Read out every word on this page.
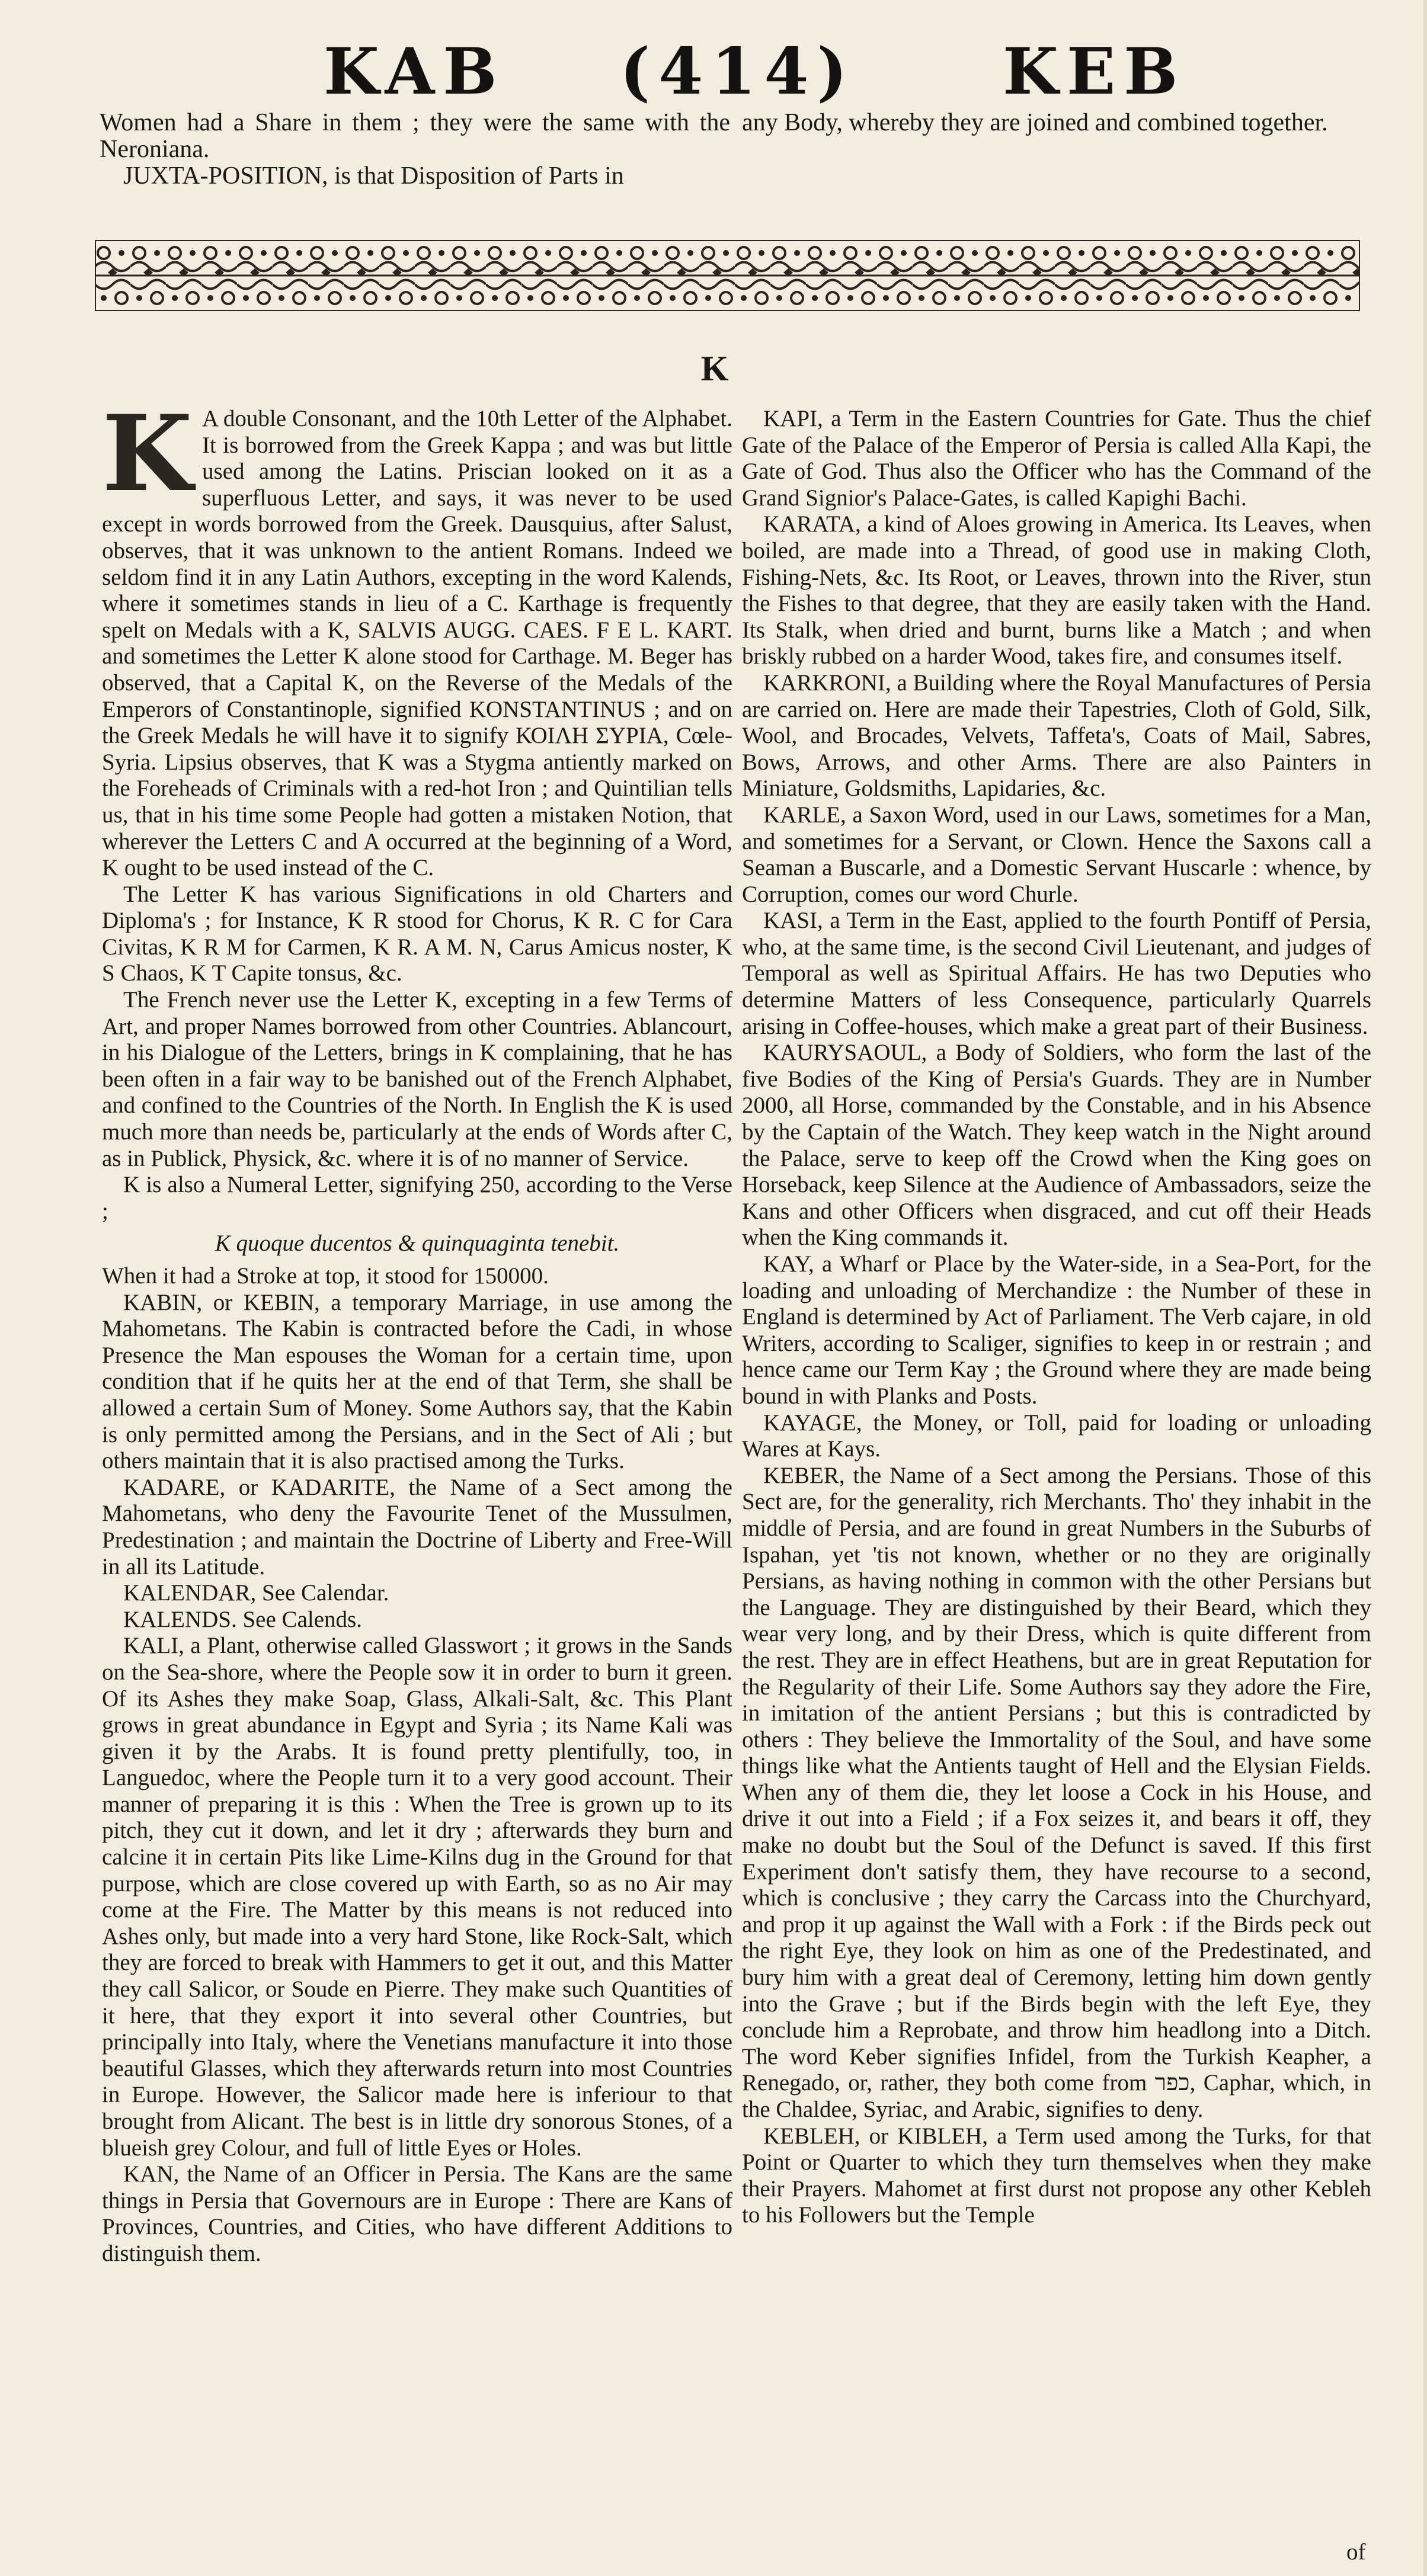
KAB (414) KEB

Women had a Share in them ; they were the same with the Neroniana.

JUXTA-POSITION, is that Disposition of Parts in

any Body, whereby they are joined and combined together.

K

K A double Consonant, and the 10th Letter of the Alphabet. It is borrowed from the Greek Kappa ; and was but little used among the Latins. Priscian looked on it as a superfluous Letter, and says, it was never to be used except in words borrowed from the Greek. Dausquius, after Salust, observes, that it was unknown to the antient Romans. Indeed we seldom find it in any Latin Authors, excepting in the word Kalends, where it sometimes stands in lieu of a C. Karthage is frequently spelt on Medals with a K, SALVIS AUGG. CAES. F E L. KART. and sometimes the Letter K alone stood for Carthage. M. Beger has observed, that a Capital K, on the Reverse of the Medals of the Emperors of Constantinople, signified KONSTANTINUS ; and on the Greek Medals he will have it to signify ΚΟΙΛΗ ΣΥΡΙΑ, Cœle-Syria. Lipsius observes, that K was a Stygma antiently marked on the Foreheads of Criminals with a red-hot Iron ; and Quintilian tells us, that in his time some People had gotten a mistaken Notion, that wherever the Letters C and A occurred at the beginning of a Word, K ought to be used instead of the C.

The Letter K has various Significations in old Charters and Diploma's ; for Instance, K R stood for Chorus, K R. C for Cara Civitas, K R M for Carmen, K R. A M. N, Carus Amicus noster, K S Chaos, K T Capite tonsus, &c.

The French never use the Letter K, excepting in a few Terms of Art, and proper Names borrowed from other Countries. Ablancourt, in his Dialogue of the Letters, brings in K complaining, that he has been often in a fair way to be banished out of the French Alphabet, and confined to the Countries of the North. In English the K is used much more than needs be, particularly at the ends of Words after C, as in Publick, Physick, &c. where it is of no manner of Service.

K is also a Numeral Letter, signifying 250, according to the Verse ;

K quoque ducentos & quinquaginta tenebit.

When it had a Stroke at top, it stood for 150000.

KABIN, or KEBIN, a temporary Marriage, in use among the Mahometans. The Kabin is contracted before the Cadi, in whose Presence the Man espouses the Woman for a certain time, upon condition that if he quits her at the end of that Term, she shall be allowed a certain Sum of Money. Some Authors say, that the Kabin is only permitted among the Persians, and in the Sect of Ali ; but others maintain that it is also practised among the Turks.

KADARE, or KADARITE, the Name of a Sect among the Mahometans, who deny the Favourite Tenet of the Mussulmen, Predestination ; and maintain the Doctrine of Liberty and Free-Will in all its Latitude.

KALENDAR, See Calendar.

KALENDS. See Calends.

KALI, a Plant, otherwise called Glasswort ; it grows in the Sands on the Sea-shore, where the People sow it in order to burn it green. Of its Ashes they make Soap, Glass, Alkali-Salt, &c. This Plant grows in great abundance in Egypt and Syria ; its Name Kali was given it by the Arabs. It is found pretty plentifully, too, in Languedoc, where the People turn it to a very good account. Their manner of preparing it is this : When the Tree is grown up to its pitch, they cut it down, and let it dry ; afterwards they burn and calcine it in certain Pits like Lime-Kilns dug in the Ground for that purpose, which are close covered up with Earth, so as no Air may come at the Fire. The Matter by this means is not reduced into Ashes only, but made into a very hard Stone, like Rock-Salt, which they are forced to break with Hammers to get it out, and this Matter they call Salicor, or Soude en Pierre. They make such Quantities of it here, that they export it into several other Countries, but principally into Italy, where the Venetians manufacture it into those beautiful Glasses, which they afterwards return into most Countries in Europe. However, the Salicor made here is inferiour to that brought from Alicant. The best is in little dry sonorous Stones, of a blueish grey Colour, and full of little Eyes or Holes.

KAN, the Name of an Officer in Persia. The Kans are the same things in Persia that Governours are in Europe : There are Kans of Provinces, Countries, and Cities, who have different Additions to distinguish them.

KAPI, a Term in the Eastern Countries for Gate. Thus the chief Gate of the Palace of the Emperor of Persia is called Alla Kapi, the Gate of God. Thus also the Officer who has the Command of the Grand Signior's Palace-Gates, is called Kapighi Bachi.

KARATA, a kind of Aloes growing in America. Its Leaves, when boiled, are made into a Thread, of good use in making Cloth, Fishing-Nets, &c. Its Root, or Leaves, thrown into the River, stun the Fishes to that degree, that they are easily taken with the Hand. Its Stalk, when dried and burnt, burns like a Match ; and when briskly rubbed on a harder Wood, takes fire, and consumes itself.

KARKRONI, a Building where the Royal Manufactures of Persia are carried on. Here are made their Tapestries, Cloth of Gold, Silk, Wool, and Brocades, Velvets, Taffeta's, Coats of Mail, Sabres, Bows, Arrows, and other Arms. There are also Painters in Miniature, Goldsmiths, Lapidaries, &c.

KARLE, a Saxon Word, used in our Laws, sometimes for a Man, and sometimes for a Servant, or Clown. Hence the Saxons call a Seaman a Buscarle, and a Domestic Servant Huscarle : whence, by Corruption, comes our word Churle.

KASI, a Term in the East, applied to the fourth Pontiff of Persia, who, at the same time, is the second Civil Lieutenant, and judges of Temporal as well as Spiritual Affairs. He has two Deputies who determine Matters of less Consequence, particularly Quarrels arising in Coffee-houses, which make a great part of their Business.

KAURYSAOUL, a Body of Soldiers, who form the last of the five Bodies of the King of Persia's Guards. They are in Number 2000, all Horse, commanded by the Constable, and in his Absence by the Captain of the Watch. They keep watch in the Night around the Palace, serve to keep off the Crowd when the King goes on Horseback, keep Silence at the Audience of Ambassadors, seize the Kans and other Officers when disgraced, and cut off their Heads when the King commands it.

KAY, a Wharf or Place by the Water-side, in a Sea-Port, for the loading and unloading of Merchandize : the Number of these in England is determined by Act of Parliament. The Verb cajare, in old Writers, according to Scaliger, signifies to keep in or restrain ; and hence came our Term Kay ; the Ground where they are made being bound in with Planks and Posts.

KAYAGE, the Money, or Toll, paid for loading or unloading Wares at Kays.

KEBER, the Name of a Sect among the Persians. Those of this Sect are, for the generality, rich Merchants. Tho' they inhabit in the middle of Persia, and are found in great Numbers in the Suburbs of Ispahan, yet 'tis not known, whether or no they are originally Persians, as having nothing in common with the other Persians but the Language. They are distinguished by their Beard, which they wear very long, and by their Dress, which is quite different from the rest. They are in effect Heathens, but are in great Reputation for the Regularity of their Life. Some Authors say they adore the Fire, in imitation of the antient Persians ; but this is contradicted by others : They believe the Immortality of the Soul, and have some things like what the Antients taught of Hell and the Elysian Fields. When any of them die, they let loose a Cock in his House, and drive it out into a Field ; if a Fox seizes it, and bears it off, they make no doubt but the Soul of the Defunct is saved. If this first Experiment don't satisfy them, they have recourse to a second, which is conclusive ; they carry the Carcass into the Churchyard, and prop it up against the Wall with a Fork : if the Birds peck out the right Eye, they look on him as one of the Predestinated, and bury him with a great deal of Ceremony, letting him down gently into the Grave ; but if the Birds begin with the left Eye, they conclude him a Reprobate, and throw him headlong into a Ditch. The word Keber signifies Infidel, from the Turkish Keapher, a Renegado, or, rather, they both come from כפר, Caphar, which, in the Chaldee, Syriac, and Arabic, signifies to deny.

KEBLEH, or KIBLEH, a Term used among the Turks, for that Point or Quarter to which they turn themselves when they make their Prayers. Mahomet at first durst not propose any other Kebleh to his Followers but the Temple

of
